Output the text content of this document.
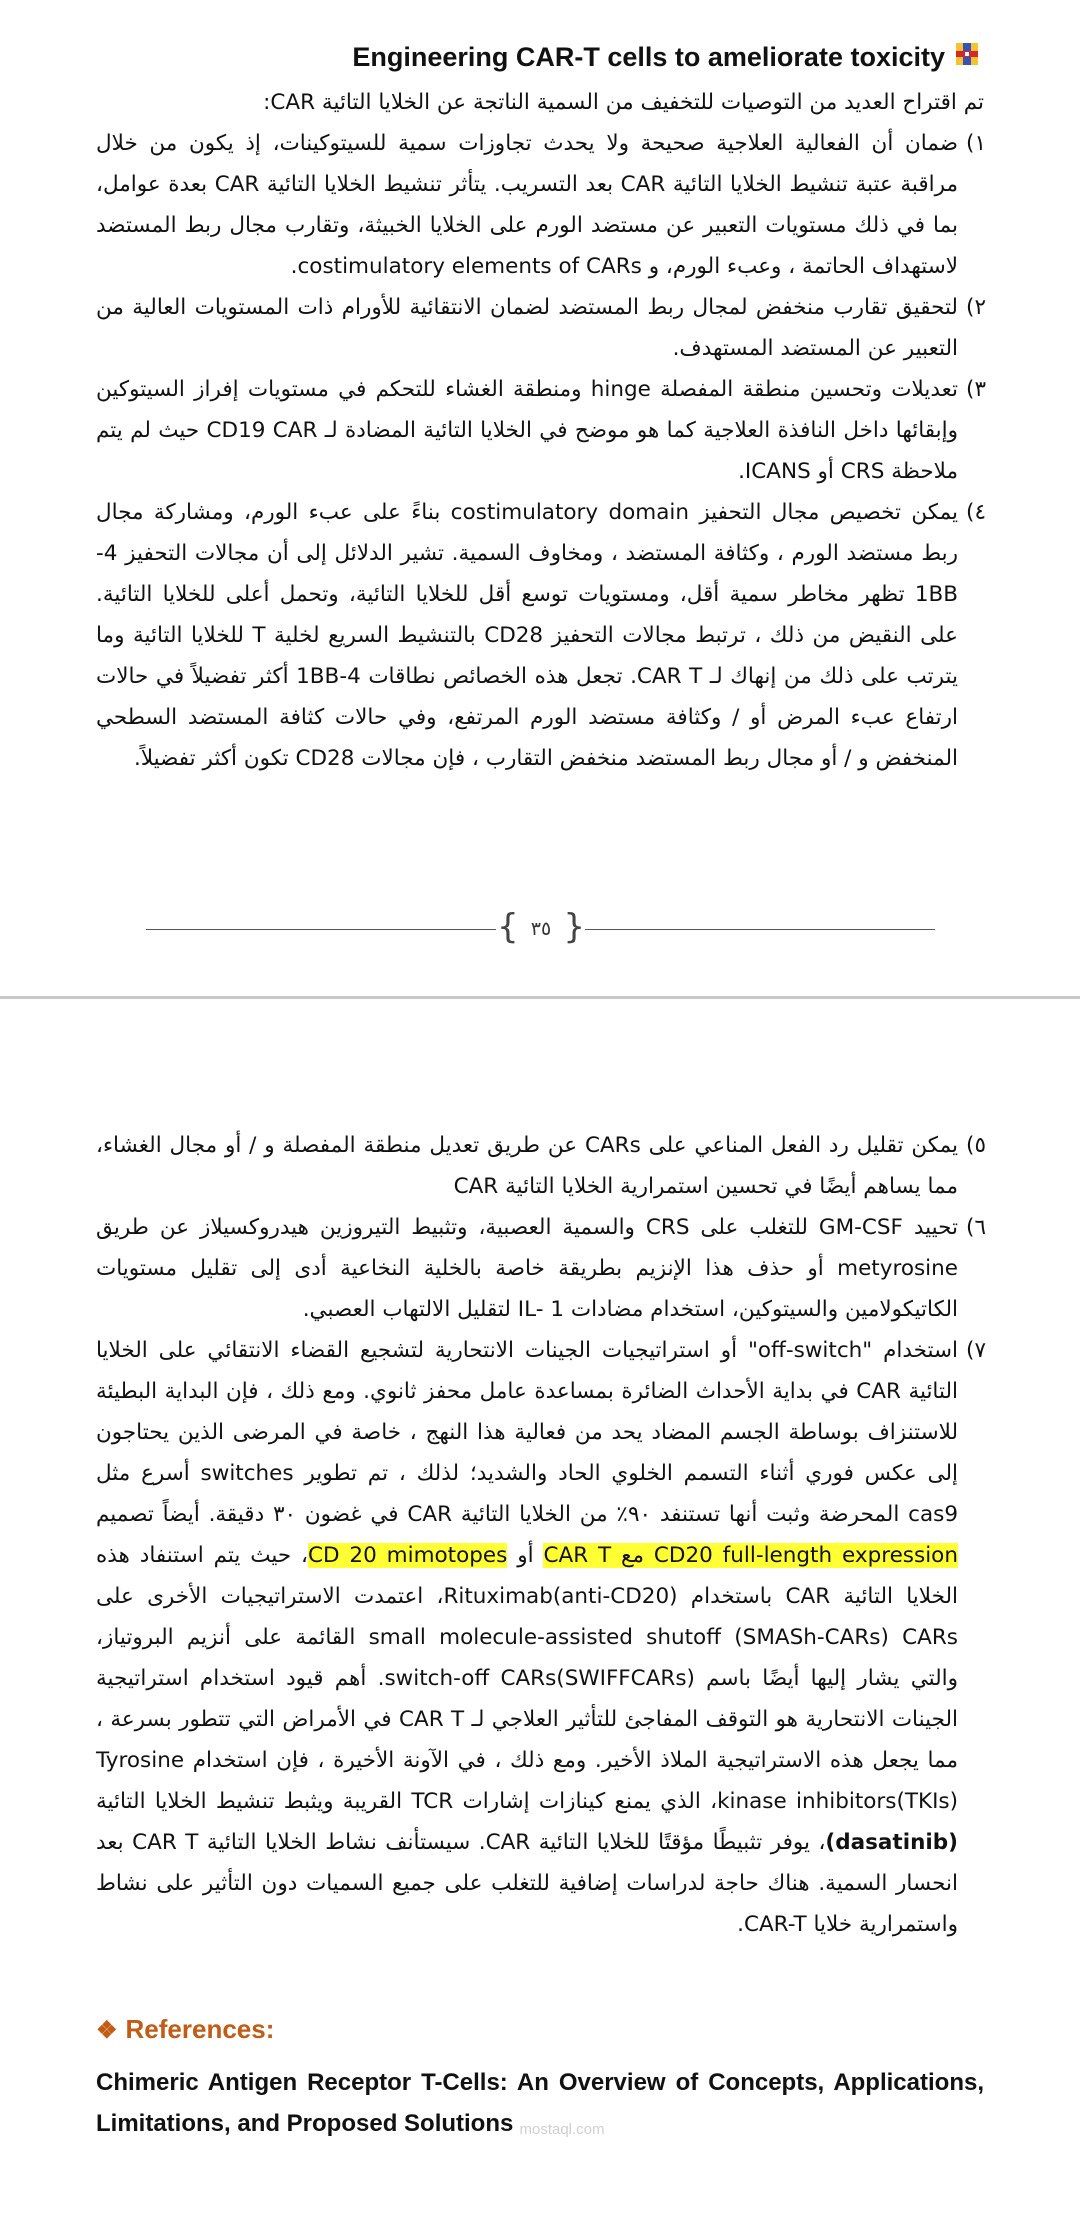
Engineering CAR-T cells to ameliorate toxicity

تم اقتراح العديد من التوصيات للتخفيف من السمية الناتجة عن الخلايا التائية CAR:

١)
ضمان أن الفعالية العلاجية صحيحة ولا يحدث تجاوزات سمية للسيتوكينات، إذ يكون من خلال مراقبة عتبة تنشيط الخلايا التائية CAR بعد التسريب. يتأثر تنشيط الخلايا التائية CAR بعدة عوامل، بما في ذلك مستويات التعبير عن مستضد الورم على الخلايا الخبيثة، وتقارب مجال ربط المستضد لاستهداف الحاتمة ، وعبء الورم، و costimulatory elements of CARs.
٢)
لتحقيق تقارب منخفض لمجال ربط المستضد لضمان الانتقائية للأورام ذات المستويات العالية من التعبير عن المستضد المستهدف.
٣)
تعديلات وتحسين منطقة المفصلة hinge ومنطقة الغشاء للتحكم في مستويات إفراز السيتوكين وإبقائها داخل النافذة العلاجية كما هو موضح في الخلايا التائية المضادة لـ CD19 CAR حيث لم يتم ملاحظة CRS أو ICANS.
٤)
يمكن تخصيص مجال التحفيز costimulatory domain بناءً على عبء الورم، ومشاركة مجال ربط مستضد الورم ، وكثافة المستضد ، ومخاوف السمية. تشير الدلائل إلى أن مجالات التحفيز 4-1BB تظهر مخاطر سمية أقل، ومستويات توسع أقل للخلايا التائية، وتحمل أعلى للخلايا التائية. على النقيض من ذلك ، ترتبط مجالات التحفيز CD28 بالتنشيط السريع لخلية T للخلايا التائية وما يترتب على ذلك من إنهاك لـ CAR T. تجعل هذه الخصائص نطاقات 4-1BB أكثر تفضيلاً في حالات ارتفاع عبء المرض أو / وكثافة مستضد الورم المرتفع، وفي حالات كثافة المستضد السطحي المنخفض و / أو مجال ربط المستضد منخفض التقارب ، فإن مجالات CD28 تكون أكثر تفضيلاً.
{ ٣٥ }
٥)
يمكن تقليل رد الفعل المناعي على CARs عن طريق تعديل منطقة المفصلة و / أو مجال الغشاء، مما يساهم أيضًا في تحسين استمرارية الخلايا التائية CAR
٦)
تحييد GM-CSF للتغلب على CRS والسمية العصبية، وتثبيط التيروزين هيدروكسيلاز عن طريق metyrosine أو حذف هذا الإنزيم بطريقة خاصة بالخلية النخاعية أدى إلى تقليل مستويات الكاتيكولامين والسيتوكين، استخدام مضادات IL- 1 لتقليل الالتهاب العصبي.
٧)
استخدام "off-switch" أو استراتيجيات الجينات الانتحارية لتشجيع القضاء الانتقائي على الخلايا التائية CAR في بداية الأحداث الضائرة بمساعدة عامل محفز ثانوي. ومع ذلك ، فإن البداية البطيئة للاستنزاف بوساطة الجسم المضاد يحد من فعالية هذا النهج ، خاصة في المرضى الذين يحتاجون إلى عكس فوري أثناء التسمم الخلوي الحاد والشديد؛ لذلك ، تم تطوير switches أسرع مثل cas9 المحرضة وثبت أنها تستنفد ٩٠٪ من الخلايا التائية CAR في غضون ٣٠ دقيقة. أيضاً تصميم CD20 full-length expression مع CAR T أو CD 20 mimotopes، حيث يتم استنفاد هذه الخلايا التائية CAR باستخدام Rituximab(anti-CD20)، اعتمدت الاستراتيجيات الأخرى على small molecule-assisted shutoff (SMASh-CARs) CARs القائمة على أنزيم البروتياز، والتي يشار إليها أيضًا باسم switch-off CARs(SWIFFCARs). أهم قيود استخدام استراتيجية الجينات الانتحارية هو التوقف المفاجئ للتأثير العلاجي لـ CAR T في الأمراض التي تتطور بسرعة ، مما يجعل هذه الاستراتيجية الملاذ الأخير. ومع ذلك ، في الآونة الأخيرة ، فإن استخدام Tyrosine kinase inhibitors(TKIs)، الذي يمنع كينازات إشارات TCR القريبة ويثبط تنشيط الخلايا التائية (dasatinib)، يوفر تثبيطًا مؤقتًا للخلايا التائية CAR. سيستأنف نشاط الخلايا التائية CAR T بعد انحسار السمية. هناك حاجة لدراسات إضافية للتغلب على جميع السميات دون التأثير على نشاط واستمرارية خلايا CAR-T.
❖ References:
Chimeric Antigen Receptor T-Cells: An Overview of Concepts, Applications, Limitations, and Proposed Solutions mostaql.com
